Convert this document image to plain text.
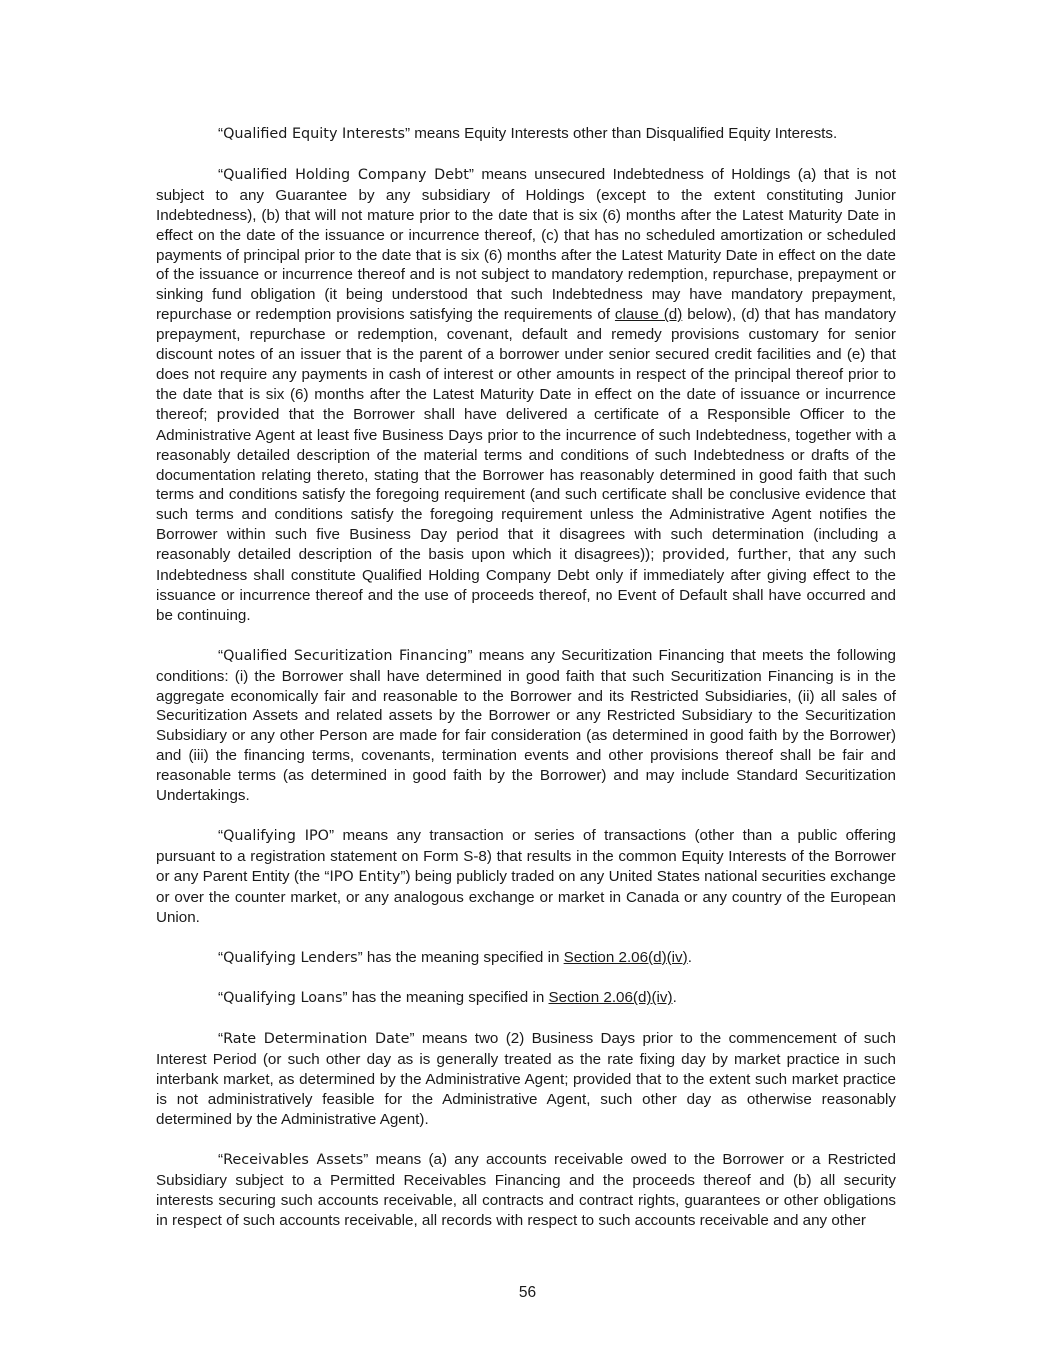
“Qualified Equity Interests” means Equity Interests other than Disqualified Equity Interests.

“Qualified Holding Company Debt” means unsecured Indebtedness of Holdings (a) that is not subject to any Guarantee by any subsidiary of Holdings (except to the extent constituting Junior Indebtedness), (b) that will not mature prior to the date that is six (6) months after the Latest Maturity Date in effect on the date of the issuance or incurrence thereof, (c) that has no scheduled amortization or scheduled payments of principal prior to the date that is six (6) months after the Latest Maturity Date in effect on the date of the issuance or incurrence thereof and is not subject to mandatory redemption, repurchase, prepayment or sinking fund obligation (it being understood that such Indebtedness may have mandatory prepayment, repurchase or redemption provisions satisfying the requirements of clause (d) below), (d) that has mandatory prepayment, repurchase or redemption, covenant, default and remedy provisions customary for senior discount notes of an issuer that is the parent of a borrower under senior secured credit facilities and (e) that does not require any payments in cash of interest or other amounts in respect of the principal thereof prior to the date that is six (6) months after the Latest Maturity Date in effect on the date of issuance or incurrence thereof; provided that the Borrower shall have delivered a certificate of a Responsible Officer to the Administrative Agent at least five Business Days prior to the incurrence of such Indebtedness, together with a reasonably detailed description of the material terms and conditions of such Indebtedness or drafts of the documentation relating thereto, stating that the Borrower has reasonably determined in good faith that such terms and conditions satisfy the foregoing requirement (and such certificate shall be conclusive evidence that such terms and conditions satisfy the foregoing requirement unless the Administrative Agent notifies the Borrower within such five Business Day period that it disagrees with such determination (including a reasonably detailed description of the basis upon which it disagrees)); provided, further, that any such Indebtedness shall constitute Qualified Holding Company Debt only if immediately after giving effect to the issuance or incurrence thereof and the use of proceeds thereof, no Event of Default shall have occurred and be continuing.

“Qualified Securitization Financing” means any Securitization Financing that meets the following conditions: (i) the Borrower shall have determined in good faith that such Securitization Financing is in the aggregate economically fair and reasonable to the Borrower and its Restricted Subsidiaries, (ii) all sales of Securitization Assets and related assets by the Borrower or any Restricted Subsidiary to the Securitization Subsidiary or any other Person are made for fair consideration (as determined in good faith by the Borrower) and (iii) the financing terms, covenants, termination events and other provisions thereof shall be fair and reasonable terms (as determined in good faith by the Borrower) and may include Standard Securitization Undertakings.

“Qualifying IPO” means any transaction or series of transactions (other than a public offering pursuant to a registration statement on Form S-8) that results in the common Equity Interests of the Borrower or any Parent Entity (the “IPO Entity”) being publicly traded on any United States national securities exchange or over the counter market, or any analogous exchange or market in Canada or any country of the European Union.

“Qualifying Lenders” has the meaning specified in Section 2.06(d)(iv).

“Qualifying Loans” has the meaning specified in Section 2.06(d)(iv).

“Rate Determination Date” means two (2) Business Days prior to the commencement of such Interest Period (or such other day as is generally treated as the rate fixing day by market practice in such interbank market, as determined by the Administrative Agent; provided that to the extent such market practice is not administratively feasible for the Administrative Agent, such other day as otherwise reasonably determined by the Administrative Agent).

“Receivables Assets” means (a) any accounts receivable owed to the Borrower or a Restricted Subsidiary subject to a Permitted Receivables Financing and the proceeds thereof and (b) all security interests securing such accounts receivable, all contracts and contract rights, guarantees or other obligations in respect of such accounts receivable, all records with respect to such accounts receivable and any other

56
